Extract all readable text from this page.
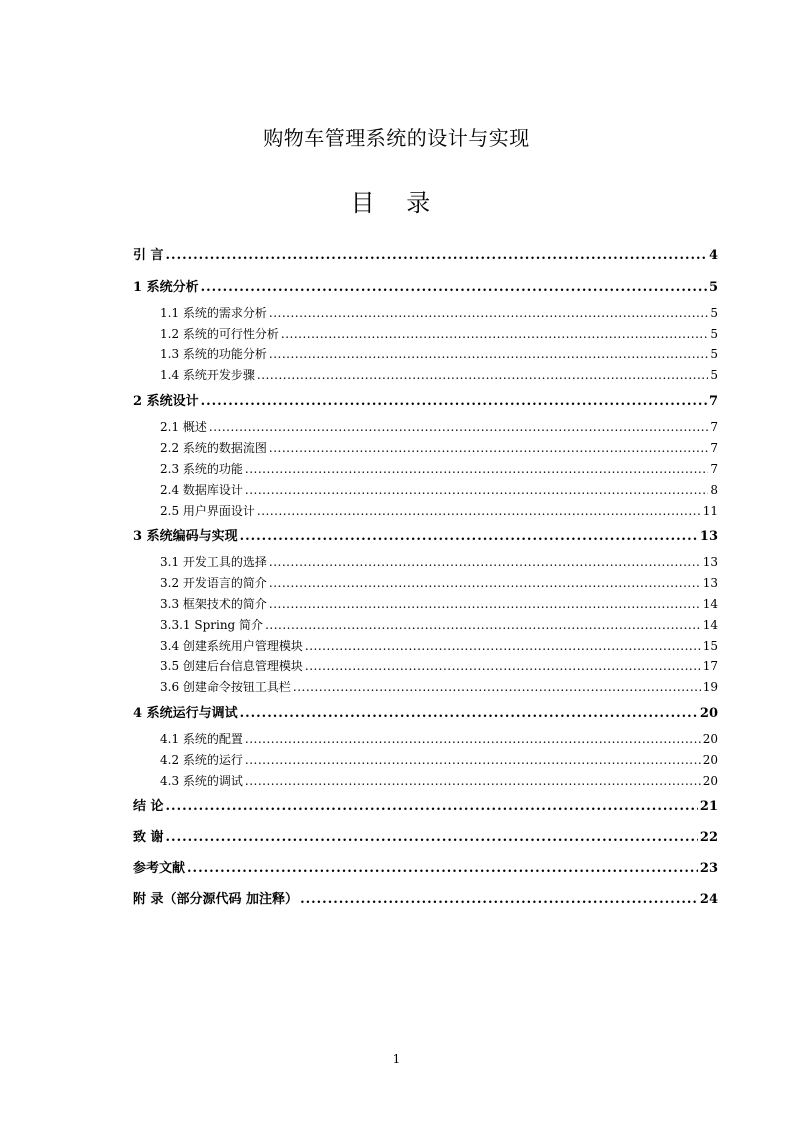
购物车管理系统的设计与实现
目 录
引 言 .....	4
1 系统分析 .....	5
1.1 系统的需求分析 .....	5
1.2 系统的可行性分析 .....	5
1.3 系统的功能分析 .....	5
1.4 系统开发步骤 .....	5
2 系统设计 .....	7
2.1 概述 .....	7
2.2 系统的数据流图 .....	7
2.3 系统的功能 .....	7
2.4 数据库设计 .....	8
2.5 用户界面设计 .....	11
3 系统编码与实现 .....	13
3.1 开发工具的选择 .....	13
3.2 开发语言的简介 .....	13
3.3 框架技术的简介 .....	14
3.3.1 Spring 简介 .....	14
3.4 创建系统用户管理模块 .....	15
3.5 创建后台信息管理模块 .....	17
3.6 创建命令按钮工具栏 .....	19
4 系统运行与调试 .....	20
4.1 系统的配置 .....	20
4.2 系统的运行 .....	20
4.3 系统的调试 .....	20
结 论 .....	21
致 谢 .....	22
参考文献 .....	23
附 录（部分源代码 加注释） .....	24
1
